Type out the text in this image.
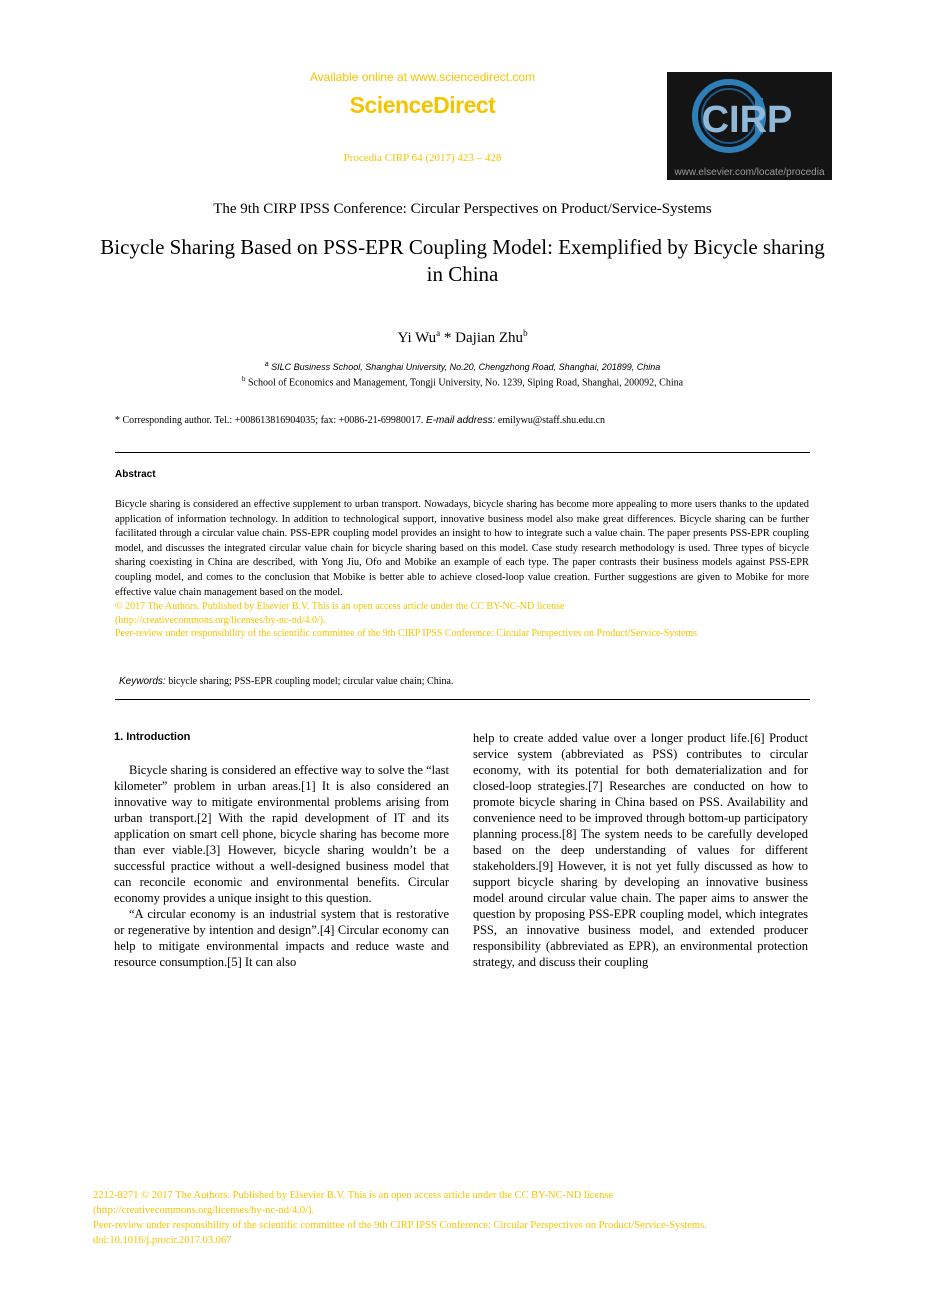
Available online at www.sciencedirect.com
ScienceDirect
Procedia CIRP 64 (2017) 423 – 428
CIRP
www.elsevier.com/locate/procedia
The 9th CIRP IPSS Conference: Circular Perspectives on Product/Service-Systems
Bicycle Sharing Based on PSS-EPR Coupling Model: Exemplified by Bicycle sharing in China
Yi Wu$^a$ * Dajian Zhu$^b$
$^a$ SILC Business School, Shanghai University, No.20, Chengzhong Road, Shanghai, 201899, China
$^b$ School of Economics and Management, Tongji University, No. 1239, Siping Road, Shanghai, 200092, China
* Corresponding author. Tel.: +008613816904035; fax: +0086-21-69980017. E-mail address: emilywu@staff.shu.edu.cn
Abstract
Bicycle sharing is considered an effective supplement to urban transport. Nowadays, bicycle sharing has become more appealing to more users thanks to the updated application of information technology. In addition to technological support, innovative business model also make great differences. Bicycle sharing can be further facilitated through a circular value chain. PSS-EPR coupling model provides an insight to how to integrate such a value chain. The paper presents PSS-EPR coupling model, and discusses the integrated circular value chain for bicycle sharing based on this model. Case study research methodology is used. Three types of bicycle sharing coexisting in China are described, with Yong Jiu, Ofo and Mobike an example of each type. The paper contrasts their business models against PSS-EPR coupling model, and comes to the conclusion that Mobike is better able to achieve closed-loop value creation. Further suggestions are given to Mobike for more effective value chain management based on the model.
© 2017 The Authors. Published by Elsevier B.V. This is an open access article under the CC BY-NC-ND license
(http://creativecommons.org/licenses/by-nc-nd/4.0/).
Peer-review under responsibility of the scientific committee of the 9th CIRP IPSS Conference: Circular Perspectives on Product/Service-Systems
Keywords: bicycle sharing; PSS-EPR coupling model; circular value chain; China.
1. Introduction

Bicycle sharing is considered an effective way to solve the “last kilometer” problem in urban areas.[1] It is also considered an innovative way to mitigate environmental problems arising from urban transport.[2] With the rapid development of IT and its application on smart cell phone, bicycle sharing has become more than ever viable.[3] However, bicycle sharing wouldn’t be a successful practice without a well-designed business model that can reconcile economic and environmental benefits. Circular economy provides a unique insight to this question.

“A circular economy is an industrial system that is restorative or regenerative by intention and design”.[4] Circular economy can help to mitigate environmental impacts and reduce waste and resource consumption.[5] It can also

help to create added value over a longer product life.[6] Product service system (abbreviated as PSS) contributes to circular economy, with its potential for both dematerialization and for closed-loop strategies.[7] Researches are conducted on how to promote bicycle sharing in China based on PSS. Availability and convenience need to be improved through bottom-up participatory planning process.[8] The system needs to be carefully developed based on the deep understanding of values for different stakeholders.[9] However, it is not yet fully discussed as how to support bicycle sharing by developing an innovative business model around circular value chain. The paper aims to answer the question by proposing PSS-EPR coupling model, which integrates PSS, an innovative business model, and extended producer responsibility (abbreviated as EPR), an environmental protection strategy, and discuss their coupling

2212-8271 © 2017 The Authors. Published by Elsevier B.V. This is an open access article under the CC BY-NC-ND license
(http://creativecommons.org/licenses/by-nc-nd/4.0/).
Peer-review under responsibility of the scientific committee of the 9th CIRP IPSS Conference: Circular Perspectives on Product/Service-Systems.
doi:10.1016/j.procir.2017.03.067
